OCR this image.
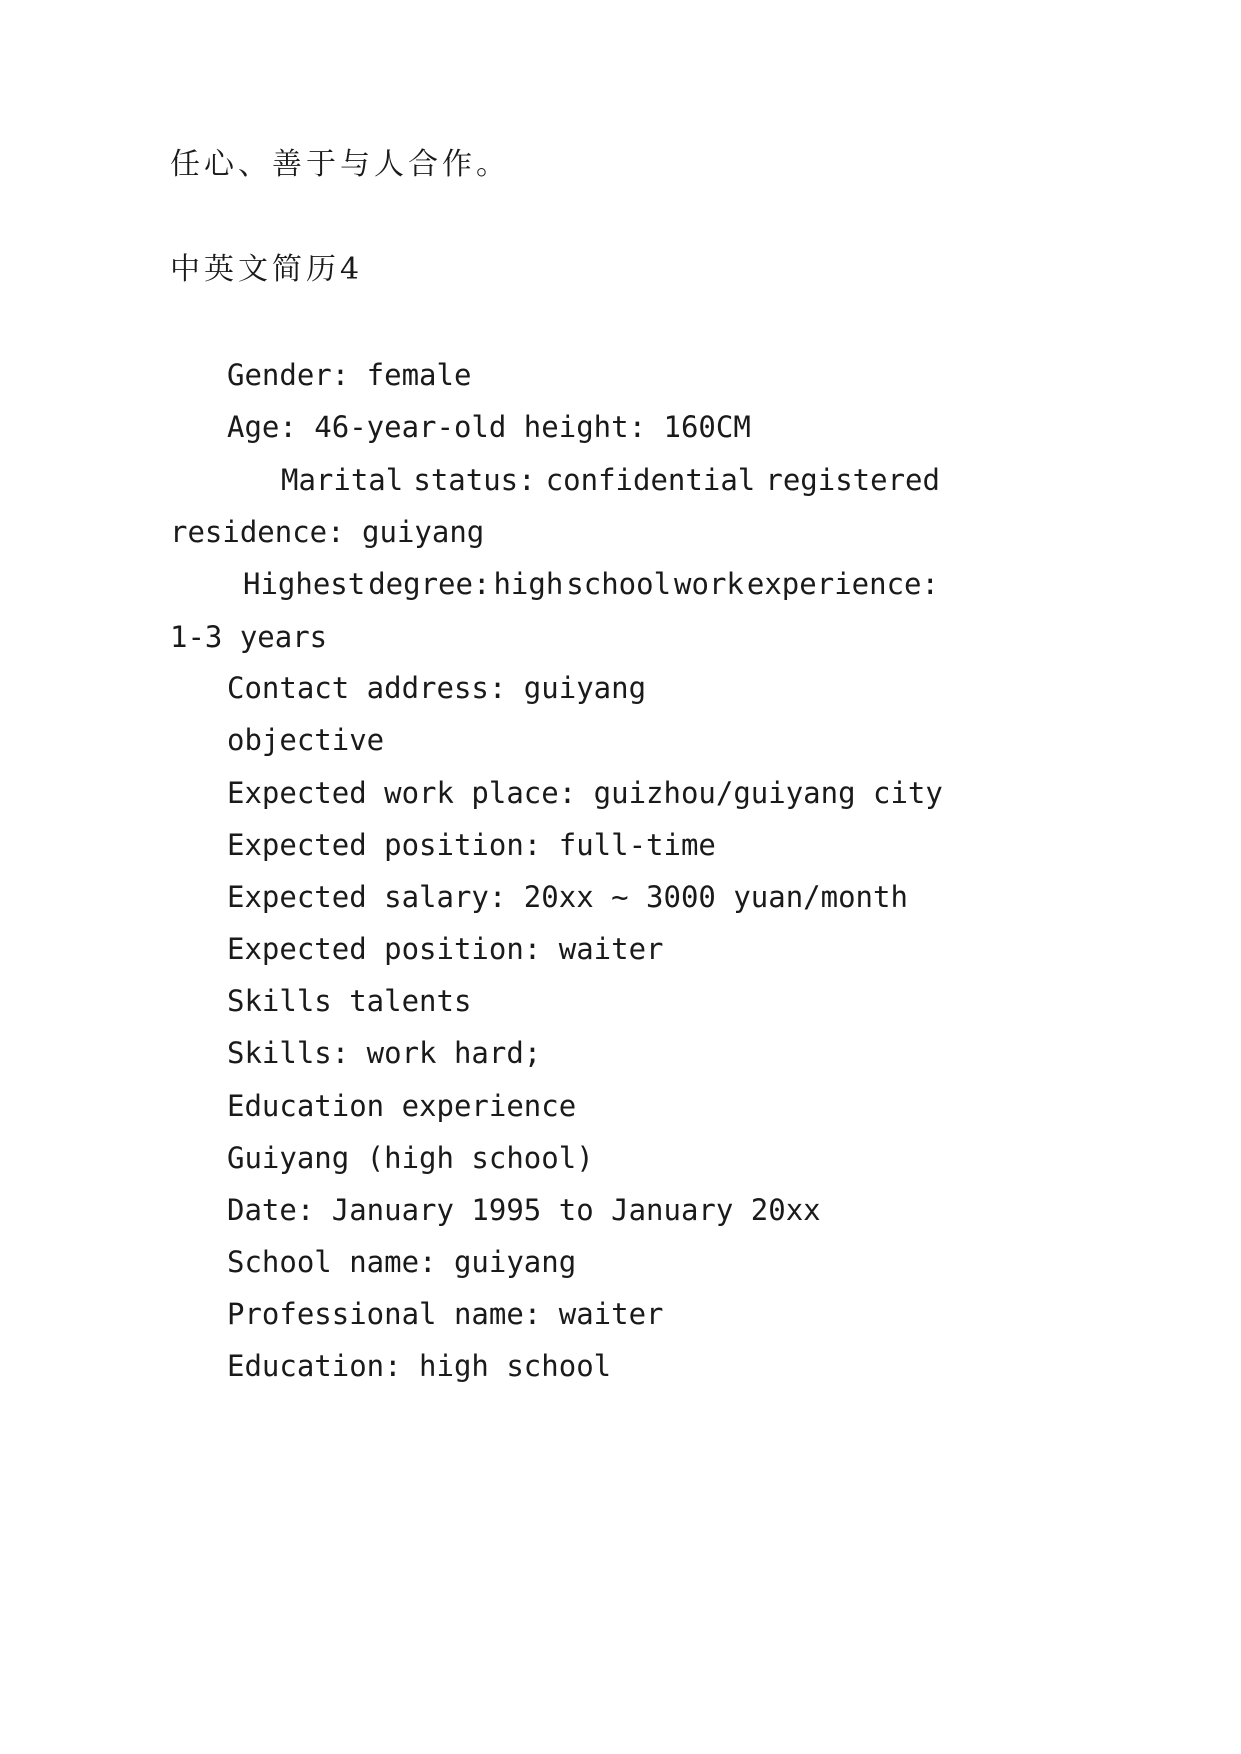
任心、善于与人合作。
中英文简历4
Gender: female
Age: 46-year-old height: 160CM
Marital status: confidential registered
residence: guiyang
Highest degree: high school work experience:
1-3 years
Contact address: guiyang
objective
Expected work place: guizhou/guiyang city
Expected position: full-time
Expected salary: 20xx ~ 3000 yuan/month
Expected position: waiter
Skills talents
Skills: work hard;
Education experience
Guiyang (high school)
Date: January 1995 to January 20xx
School name: guiyang
Professional name: waiter
Education: high school
